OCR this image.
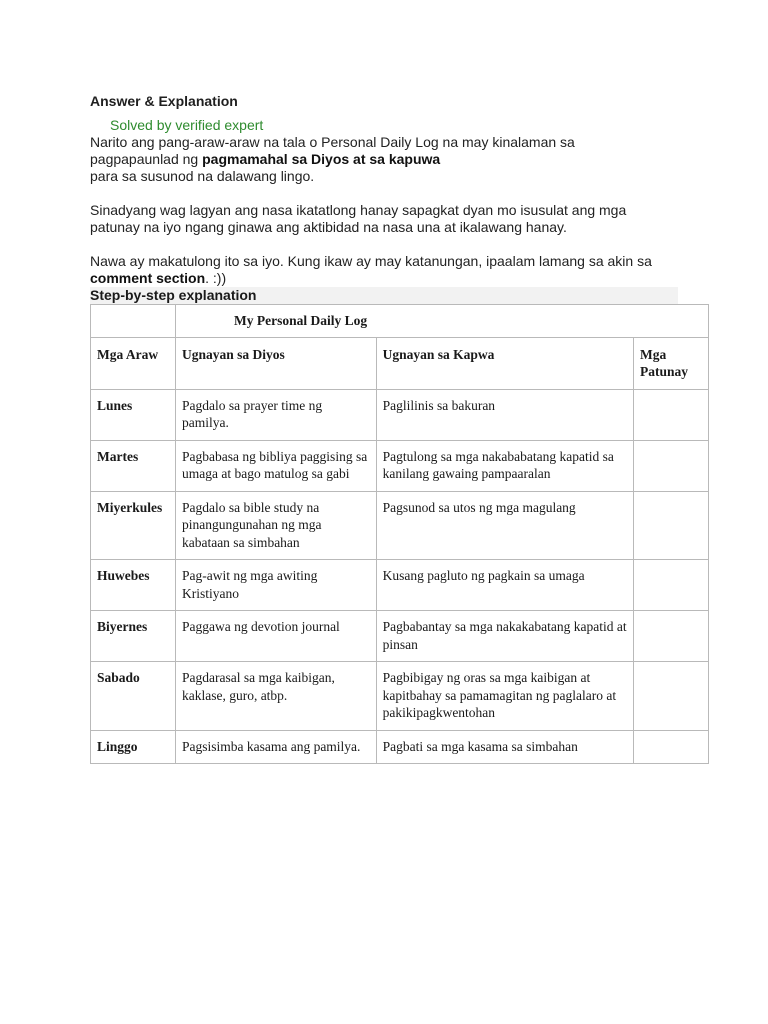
Answer & Explanation
Solved by verified expert

Narito ang pang-araw-araw na tala o Personal Daily Log na may kinalaman sa

pagpapaunlad ng pagmamahal sa Diyos at sa kapuwa

para sa susunod na dalawang lingo.

Sinadyang wag lagyan ang nasa ikatatlong hanay sapagkat dyan mo isusulat ang mga

patunay na iyo ngang ginawa ang aktibidad na nasa una at ikalawang hanay.

Nawa ay makatulong ito sa iyo. Kung ikaw ay may katanungan, ipaalam lamang sa akin sa

comment section. :))

Step-by-step explanation
	My Personal Daily Log		
Mga Araw	Ugnayan sa Diyos	Ugnayan sa Kapwa	Mga Patunay
Lunes	Pagdalo sa prayer time ng pamilya.	Paglilinis sa bakuran	
Martes	Pagbabasa ng bibliya paggising sa umaga at bago matulog sa gabi	Pagtulong sa mga nakababatang kapatid sa kanilang gawaing pampaaralan	
Miyerkules	Pagdalo sa bible study na pinangungunahan ng mga kabataan sa simbahan	Pagsunod sa utos ng mga magulang	
Huwebes	Pag-awit ng mga awiting Kristiyano	Kusang pagluto ng pagkain sa umaga	
Biyernes	Paggawa ng devotion journal	Pagbabantay sa mga nakakabatang kapatid at pinsan	
Sabado	Pagdarasal sa mga kaibigan, kaklase, guro, atbp.	Pagbibigay ng oras sa mga kaibigan at kapitbahay sa pamamagitan ng paglalaro at pakikipagkwentohan	
Linggo	Pagsisimba kasama ang pamilya.	Pagbati sa mga kasama sa simbahan	
